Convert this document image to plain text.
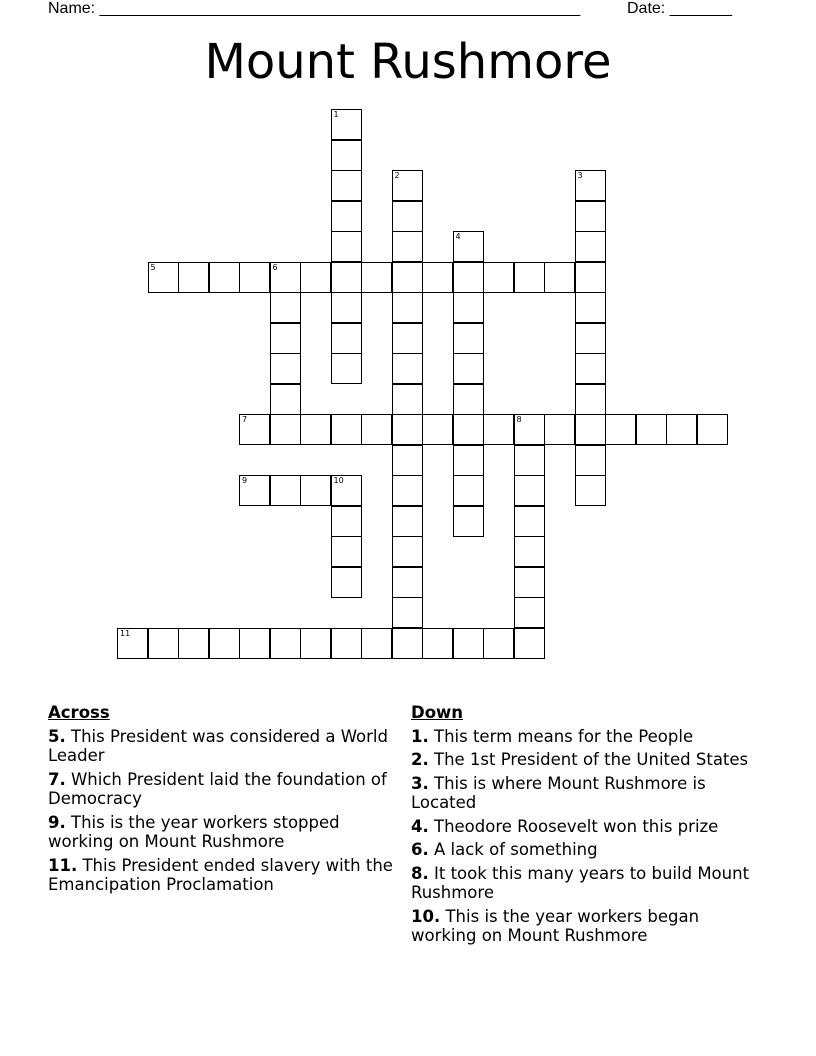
Name: ______________________________________________________	Date: _______
Mount Rushmore
5	6
1
2	3
4
7	8
9	10
11
Across
5. This President was considered a World Leader
7. Which President laid the foundation of Democracy
9. This is the year workers stopped working on Mount Rushmore
11. This President ended slavery with the Emancipation Proclamation
Down
1. This term means for the People
2. The 1st President of the United States
3. This is where Mount Rushmore is Located
4. Theodore Roosevelt won this prize
6. A lack of something
8. It took this many years to build Mount Rushmore
10. This is the year workers began working on Mount Rushmore
